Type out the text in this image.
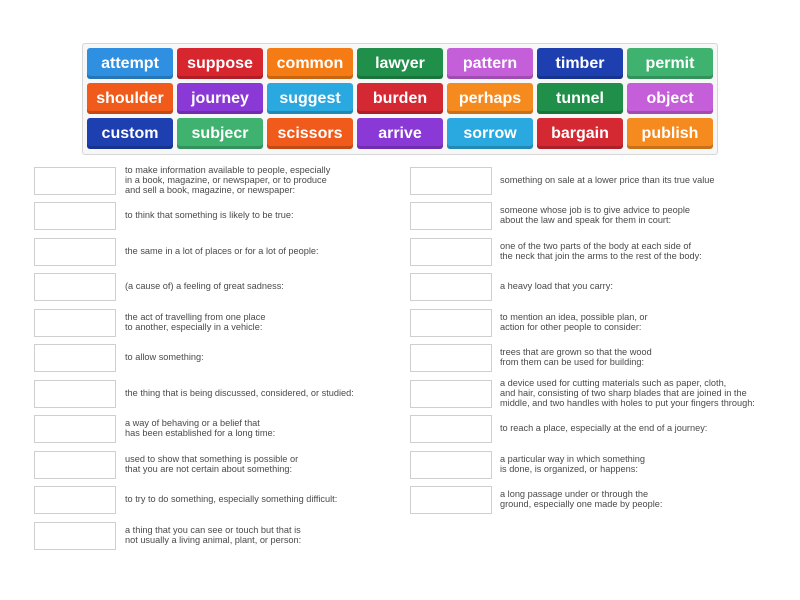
attempt	suppose	common	lawyer	pattern	timber	permit
shoulder	journey	suggest	burden	perhaps	tunnel	object
custom	subjecr	scissors	arrive	sorrow	bargain	publish
to make information available to people, especially
in a book, magazine, or newspaper, or to produce
and sell a book, magazine, or newspaper:
to think that something is likely to be true:
the same in a lot of places or for a lot of people:
(a cause of) a feeling of great sadness:
the act of travelling from one place
to another, especially in a vehicle:
to allow something:
the thing that is being discussed, considered, or studied:
a way of behaving or a belief that
has been established for a long time:
used to show that something is possible or
that you are not certain about something:
to try to do something, especially something difficult:
a thing that you can see or touch but that is
not usually a living animal, plant, or person:
something on sale at a lower price than its true value
someone whose job is to give advice to people
about the law and speak for them in court:
one of the two parts of the body at each side of
the neck that join the arms to the rest of the body:
a heavy load that you carry:
to mention an idea, possible plan, or
action for other people to consider:
trees that are grown so that the wood
from them can be used for building:
a device used for cutting materials such as paper, cloth,
and hair, consisting of two sharp blades that are joined in the
middle, and two handles with holes to put your fingers through:
to reach a place, especially at the end of a journey:
a particular way in which something
is done, is organized, or happens:
a long passage under or through the
ground, especially one made by people:
